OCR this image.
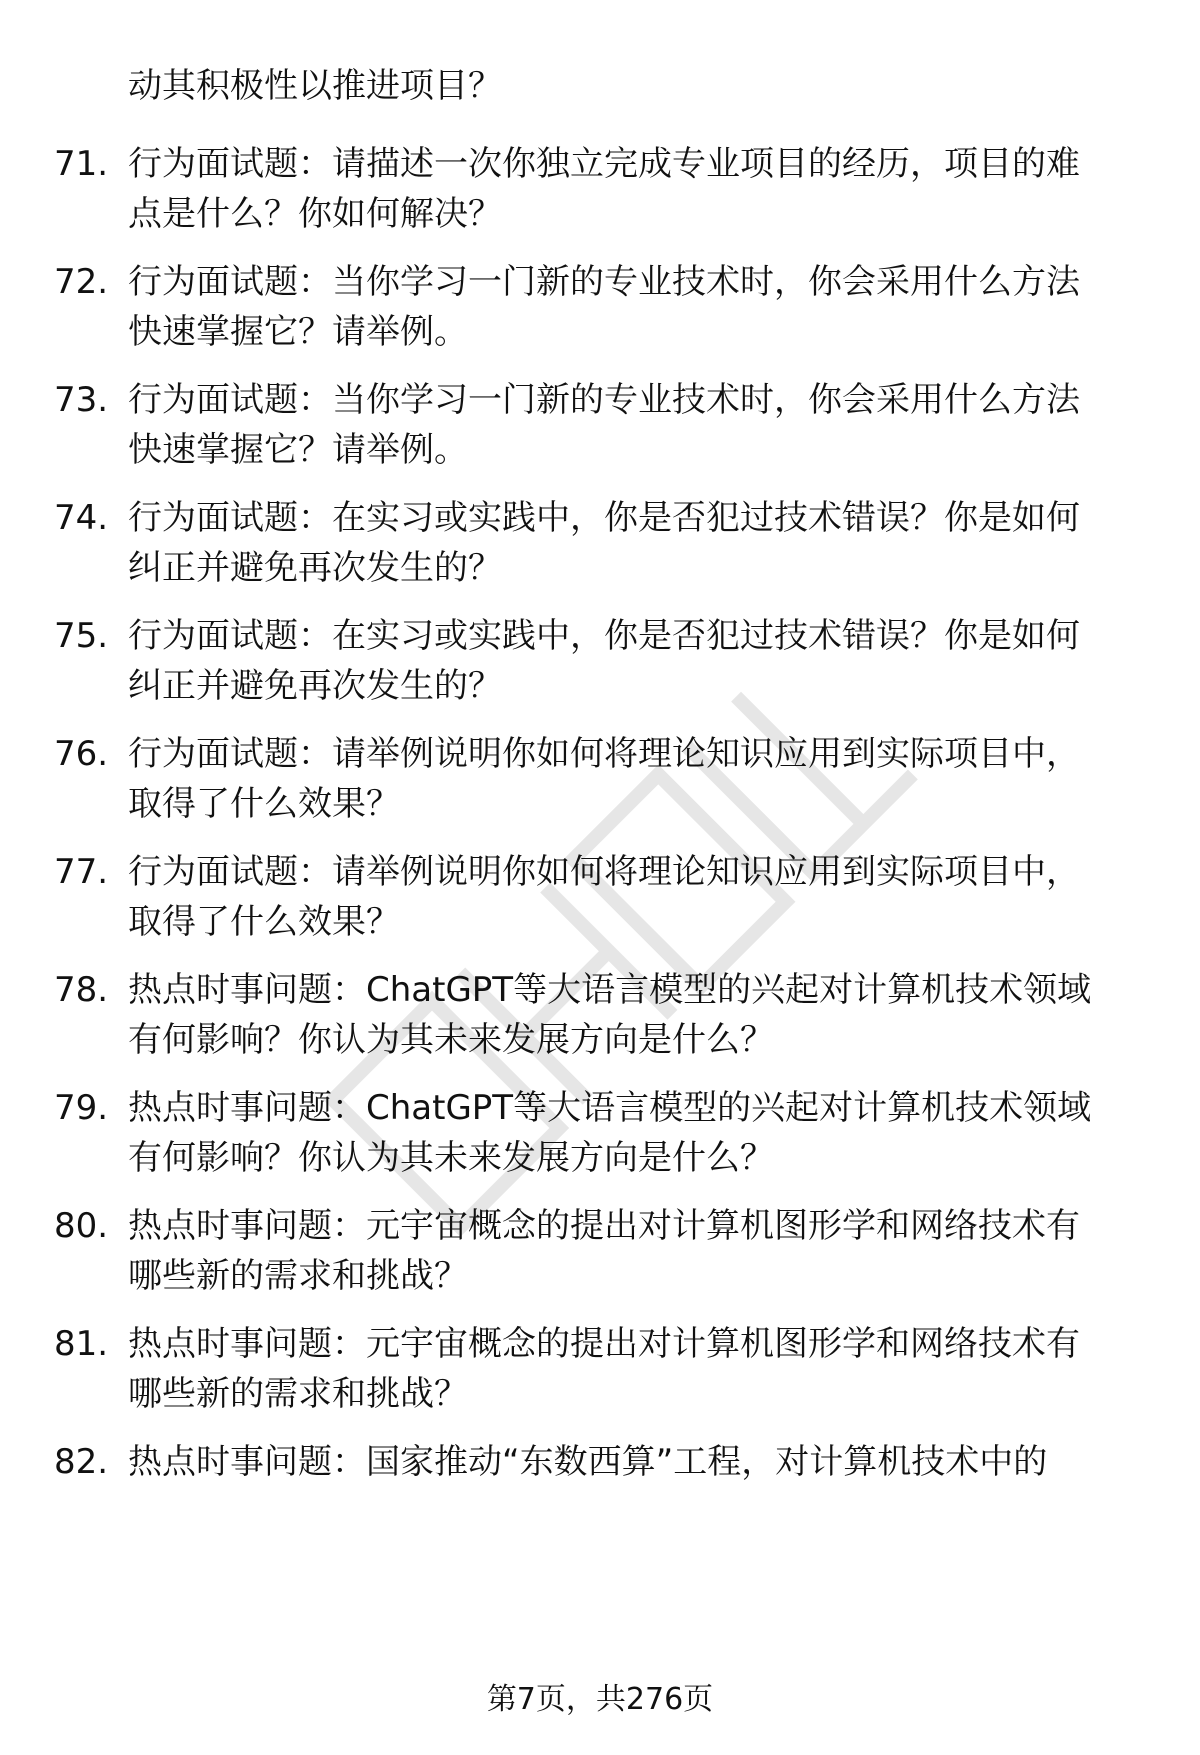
动其积极性以推进项目？
71. 行为面试题：请描述一次你独立完成专业项目的经历，项目的难
点是什么？你如何解决？
72. 行为面试题：当你学习一门新的专业技术时，你会采用什么方法
快速掌握它？请举例。
73. 行为面试题：当你学习一门新的专业技术时，你会采用什么方法
快速掌握它？请举例。
74. 行为面试题：在实习或实践中，你是否犯过技术错误？你是如何
纠正并避免再次发生的？
75. 行为面试题：在实习或实践中，你是否犯过技术错误？你是如何
纠正并避免再次发生的？
76. 行为面试题：请举例说明你如何将理论知识应用到实际项目中，
取得了什么效果？
77. 行为面试题：请举例说明你如何将理论知识应用到实际项目中，
取得了什么效果？
78. 热点时事问题：ChatGPT等大语言模型的兴起对计算机技术领域
有何影响？你认为其未来发展方向是什么？
79. 热点时事问题：ChatGPT等大语言模型的兴起对计算机技术领域
有何影响？你认为其未来发展方向是什么？
80. 热点时事问题：元宇宙概念的提出对计算机图形学和网络技术有
哪些新的需求和挑战？
81. 热点时事问题：元宇宙概念的提出对计算机图形学和网络技术有
哪些新的需求和挑战？
82. 热点时事问题：国家推动“东数西算”工程，对计算机技术中的
第7页，共276页
